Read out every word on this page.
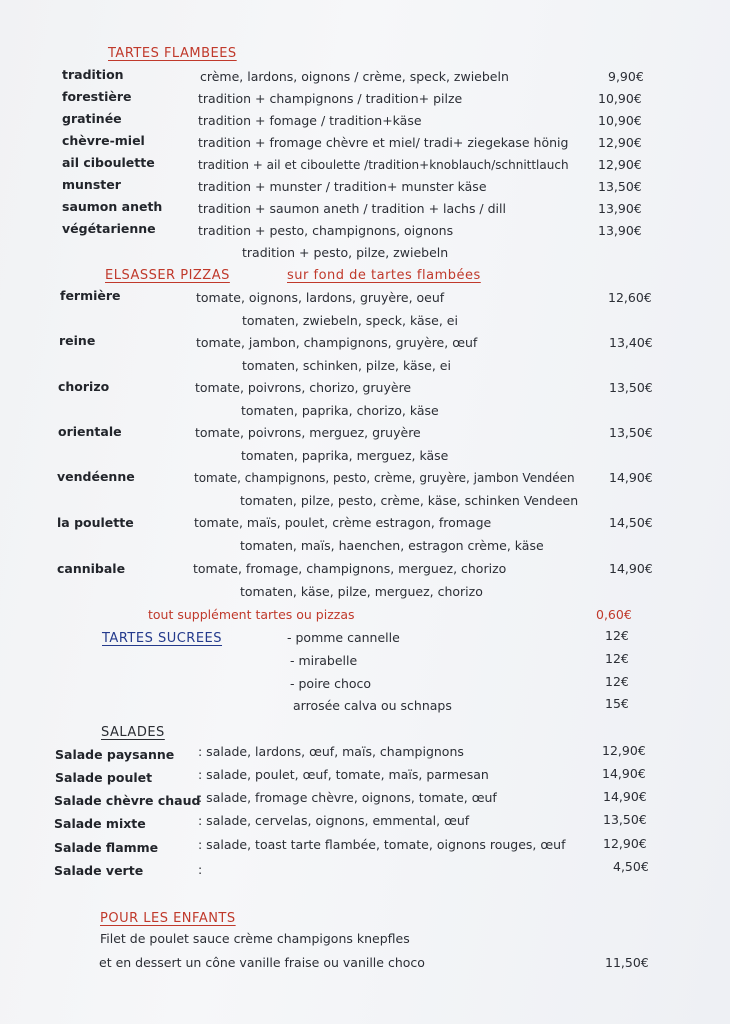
TARTES FLAMBEES
tradition	crème, lardons, oignons / crème, speck, zwiebeln	9,90€
forestière	tradition + champignons / tradition+ pilze	10,90€
gratinée	tradition + fomage / tradition+käse	10,90€
chèvre-miel	tradition + fromage chèvre et miel/ tradi+ ziegekase hönig 12,90€
ail ciboulette	tradition + ail et ciboulette /tradition+knoblauch/schnittlauch 12,90€
munster	tradition + munster / tradition+ munster käse	13,50€
saumon aneth	tradition + saumon aneth / tradition + lachs / dill	13,90€
végétarienne	tradition + pesto, champignons, oignons	13,90€
tradition + pesto, pilze, zwiebeln
ELSASSER PIZZAS	sur fond de tartes flambées
fermière	tomate, oignons, lardons, gruyère, oeuf
tomaten, zwiebeln, speck, käse, ei
12,60€
reine	tomate, jambon, champignons, gruyère, œuf
tomaten, schinken, pilze, käse, ei
13,40€
chorizo	tomate, poivrons, chorizo, gruyère
tomaten, paprika, chorizo, käse
13,50€
orientale	tomate, poivrons, merguez, gruyère
tomaten, paprika, merguez, käse
13,50€
vendéenne	tomate, champignons, pesto, crème, gruyère, jambon Vendéen
tomaten, pilze, pesto, crème, käse, schinken Vendeen
14,90€
la poulette	tomate, maïs, poulet, crème estragon, fromage
tomaten, maïs, haenchen, estragon crème, käse
14,50€
cannibale	tomate, fromage, champignons, merguez, chorizo
tomaten, käse, pilze, merguez, chorizo
14,90€
tout supplément tartes ou pizzas	0,60€
TARTES SUCREES	- pomme cannelle	12€
- mirabelle	12€
- poire choco	12€
arrosée calva ou schnaps	15€
SALADES
Salade paysanne : salade, lardons, œuf, maïs, champignons	12,90€
Salade poulet	: salade, poulet, œuf, tomate, maïs, parmesan	14,90€
Salade chèvre chaud
: salade, fromage chèvre, oignons, tomate, œuf	14,90€
Salade mixte	: salade, cervelas, oignons, emmental, œuf	13,50€
Salade flamme	: salade, toast tarte flambée, tomate, oignons rouges, œuf	12,90€
Salade verte	:	4,50€
POUR LES ENFANTS
Filet de poulet sauce crème champigons knepfles
et en dessert un cône vanille fraise ou vanille choco	11,50€
